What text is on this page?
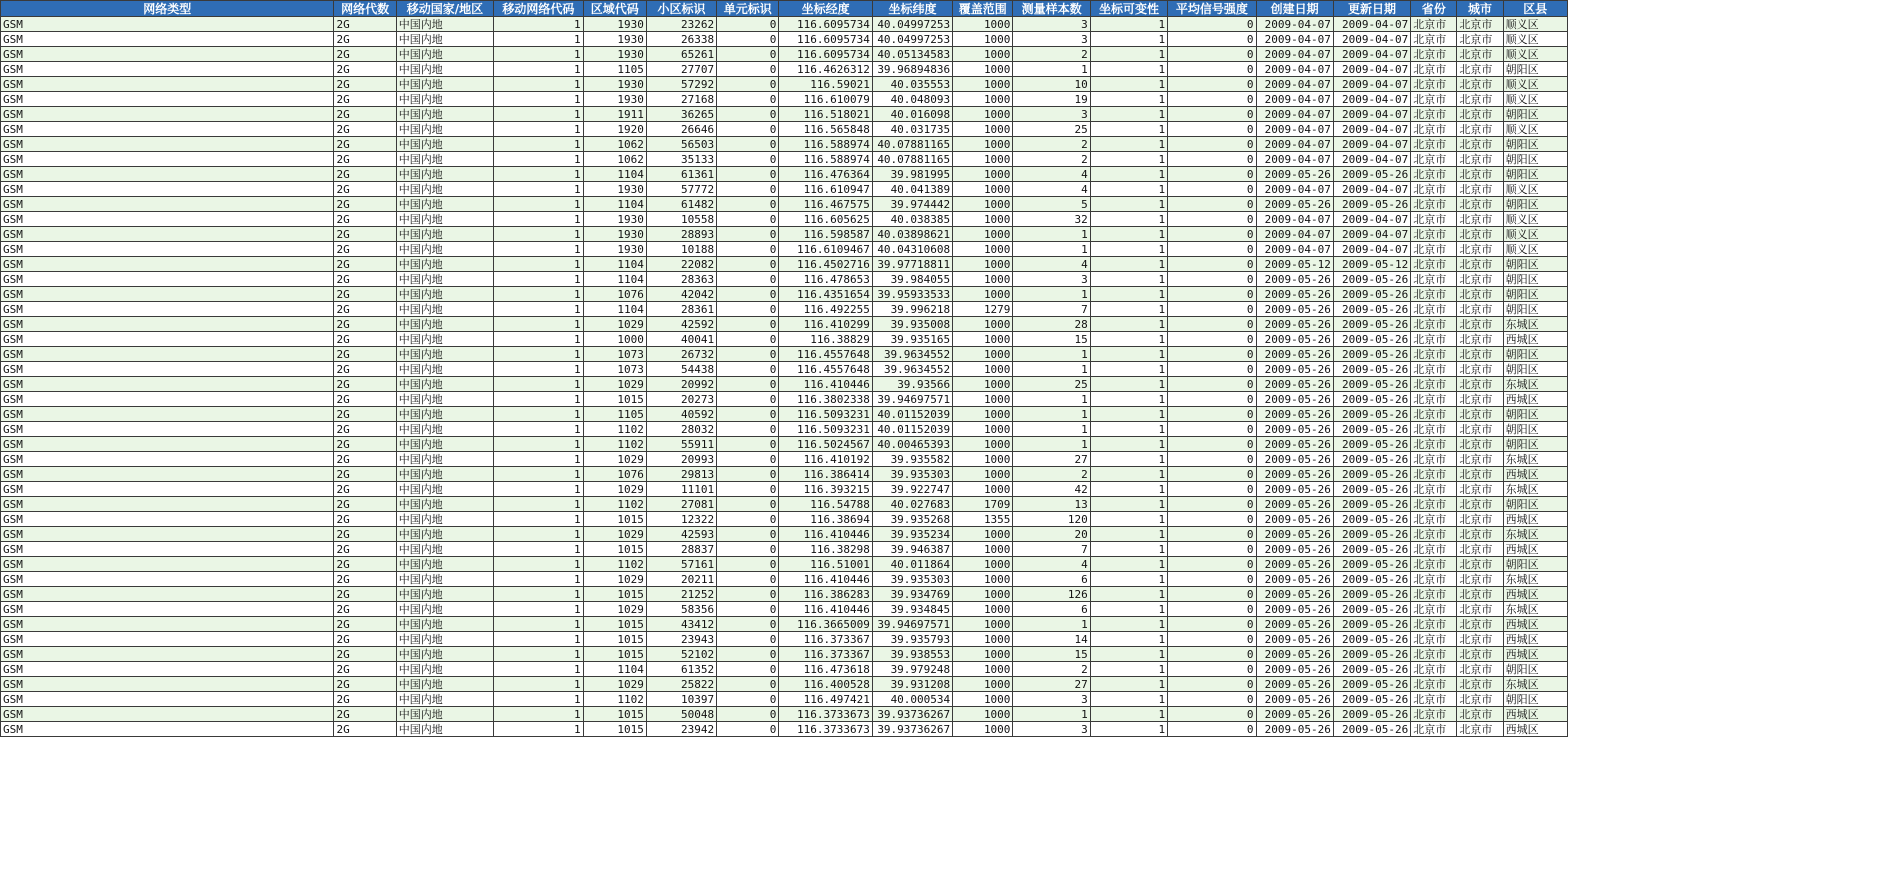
网络类型	网络代数	移动国家/地区	移动网络代码	区域代码	小区标识	单元标识	坐标经度	坐标纬度	覆盖范围	测量样本数	坐标可变性	平均信号强度	创建日期	更新日期	省份	城市	区县
GSM	2G	中国内地	1	1930	23262	0	116.6095734	40.04997253	1000	3	1	0	2009-04-07	2009-04-07	北京市	北京市	顺义区
GSM	2G	中国内地	1	1930	26338	0	116.6095734	40.04997253	1000	3	1	0	2009-04-07	2009-04-07	北京市	北京市	顺义区
GSM	2G	中国内地	1	1930	65261	0	116.6095734	40.05134583	1000	2	1	0	2009-04-07	2009-04-07	北京市	北京市	顺义区
GSM	2G	中国内地	1	1105	27707	0	116.4626312	39.96894836	1000	1	1	0	2009-04-07	2009-04-07	北京市	北京市	朝阳区
GSM	2G	中国内地	1	1930	57292	0	116.59021	40.035553	1000	10	1	0	2009-04-07	2009-04-07	北京市	北京市	顺义区
GSM	2G	中国内地	1	1930	27168	0	116.610079	40.048093	1000	19	1	0	2009-04-07	2009-04-07	北京市	北京市	顺义区
GSM	2G	中国内地	1	1911	36265	0	116.518021	40.016098	1000	3	1	0	2009-04-07	2009-04-07	北京市	北京市	朝阳区
GSM	2G	中国内地	1	1920	26646	0	116.565848	40.031735	1000	25	1	0	2009-04-07	2009-04-07	北京市	北京市	顺义区
GSM	2G	中国内地	1	1062	56503	0	116.588974	40.07881165	1000	2	1	0	2009-04-07	2009-04-07	北京市	北京市	朝阳区
GSM	2G	中国内地	1	1062	35133	0	116.588974	40.07881165	1000	2	1	0	2009-04-07	2009-04-07	北京市	北京市	朝阳区
GSM	2G	中国内地	1	1104	61361	0	116.476364	39.981995	1000	4	1	0	2009-05-26	2009-05-26	北京市	北京市	朝阳区
GSM	2G	中国内地	1	1930	57772	0	116.610947	40.041389	1000	4	1	0	2009-04-07	2009-04-07	北京市	北京市	顺义区
GSM	2G	中国内地	1	1104	61482	0	116.467575	39.974442	1000	5	1	0	2009-05-26	2009-05-26	北京市	北京市	朝阳区
GSM	2G	中国内地	1	1930	10558	0	116.605625	40.038385	1000	32	1	0	2009-04-07	2009-04-07	北京市	北京市	顺义区
GSM	2G	中国内地	1	1930	28893	0	116.598587	40.03898621	1000	1	1	0	2009-04-07	2009-04-07	北京市	北京市	顺义区
GSM	2G	中国内地	1	1930	10188	0	116.6109467	40.04310608	1000	1	1	0	2009-04-07	2009-04-07	北京市	北京市	顺义区
GSM	2G	中国内地	1	1104	22082	0	116.4502716	39.97718811	1000	4	1	0	2009-05-12	2009-05-12	北京市	北京市	朝阳区
GSM	2G	中国内地	1	1104	28363	0	116.478653	39.984055	1000	3	1	0	2009-05-26	2009-05-26	北京市	北京市	朝阳区
GSM	2G	中国内地	1	1076	42042	0	116.4351654	39.95933533	1000	1	1	0	2009-05-26	2009-05-26	北京市	北京市	朝阳区
GSM	2G	中国内地	1	1104	28361	0	116.492255	39.996218	1279	7	1	0	2009-05-26	2009-05-26	北京市	北京市	朝阳区
GSM	2G	中国内地	1	1029	42592	0	116.410299	39.935008	1000	28	1	0	2009-05-26	2009-05-26	北京市	北京市	东城区
GSM	2G	中国内地	1	1000	40041	0	116.38829	39.935165	1000	15	1	0	2009-05-26	2009-05-26	北京市	北京市	西城区
GSM	2G	中国内地	1	1073	26732	0	116.4557648	39.9634552	1000	1	1	0	2009-05-26	2009-05-26	北京市	北京市	朝阳区
GSM	2G	中国内地	1	1073	54438	0	116.4557648	39.9634552	1000	1	1	0	2009-05-26	2009-05-26	北京市	北京市	朝阳区
GSM	2G	中国内地	1	1029	20992	0	116.410446	39.93566	1000	25	1	0	2009-05-26	2009-05-26	北京市	北京市	东城区
GSM	2G	中国内地	1	1015	20273	0	116.3802338	39.94697571	1000	1	1	0	2009-05-26	2009-05-26	北京市	北京市	西城区
GSM	2G	中国内地	1	1105	40592	0	116.5093231	40.01152039	1000	1	1	0	2009-05-26	2009-05-26	北京市	北京市	朝阳区
GSM	2G	中国内地	1	1102	28032	0	116.5093231	40.01152039	1000	1	1	0	2009-05-26	2009-05-26	北京市	北京市	朝阳区
GSM	2G	中国内地	1	1102	55911	0	116.5024567	40.00465393	1000	1	1	0	2009-05-26	2009-05-26	北京市	北京市	朝阳区
GSM	2G	中国内地	1	1029	20993	0	116.410192	39.935582	1000	27	1	0	2009-05-26	2009-05-26	北京市	北京市	东城区
GSM	2G	中国内地	1	1076	29813	0	116.386414	39.935303	1000	2	1	0	2009-05-26	2009-05-26	北京市	北京市	西城区
GSM	2G	中国内地	1	1029	11101	0	116.393215	39.922747	1000	42	1	0	2009-05-26	2009-05-26	北京市	北京市	东城区
GSM	2G	中国内地	1	1102	27081	0	116.54788	40.027683	1709	13	1	0	2009-05-26	2009-05-26	北京市	北京市	朝阳区
GSM	2G	中国内地	1	1015	12322	0	116.38694	39.935268	1355	120	1	0	2009-05-26	2009-05-26	北京市	北京市	西城区
GSM	2G	中国内地	1	1029	42593	0	116.410446	39.935234	1000	20	1	0	2009-05-26	2009-05-26	北京市	北京市	东城区
GSM	2G	中国内地	1	1015	28837	0	116.38298	39.946387	1000	7	1	0	2009-05-26	2009-05-26	北京市	北京市	西城区
GSM	2G	中国内地	1	1102	57161	0	116.51001	40.011864	1000	4	1	0	2009-05-26	2009-05-26	北京市	北京市	朝阳区
GSM	2G	中国内地	1	1029	20211	0	116.410446	39.935303	1000	6	1	0	2009-05-26	2009-05-26	北京市	北京市	东城区
GSM	2G	中国内地	1	1015	21252	0	116.386283	39.934769	1000	126	1	0	2009-05-26	2009-05-26	北京市	北京市	西城区
GSM	2G	中国内地	1	1029	58356	0	116.410446	39.934845	1000	6	1	0	2009-05-26	2009-05-26	北京市	北京市	东城区
GSM	2G	中国内地	1	1015	43412	0	116.3665009	39.94697571	1000	1	1	0	2009-05-26	2009-05-26	北京市	北京市	西城区
GSM	2G	中国内地	1	1015	23943	0	116.373367	39.935793	1000	14	1	0	2009-05-26	2009-05-26	北京市	北京市	西城区
GSM	2G	中国内地	1	1015	52102	0	116.373367	39.938553	1000	15	1	0	2009-05-26	2009-05-26	北京市	北京市	西城区
GSM	2G	中国内地	1	1104	61352	0	116.473618	39.979248	1000	2	1	0	2009-05-26	2009-05-26	北京市	北京市	朝阳区
GSM	2G	中国内地	1	1029	25822	0	116.400528	39.931208	1000	27	1	0	2009-05-26	2009-05-26	北京市	北京市	东城区
GSM	2G	中国内地	1	1102	10397	0	116.497421	40.000534	1000	3	1	0	2009-05-26	2009-05-26	北京市	北京市	朝阳区
GSM	2G	中国内地	1	1015	50048	0	116.3733673	39.93736267	1000	1	1	0	2009-05-26	2009-05-26	北京市	北京市	西城区
GSM	2G	中国内地	1	1015	23942	0	116.3733673	39.93736267	1000	3	1	0	2009-05-26	2009-05-26	北京市	北京市	西城区
